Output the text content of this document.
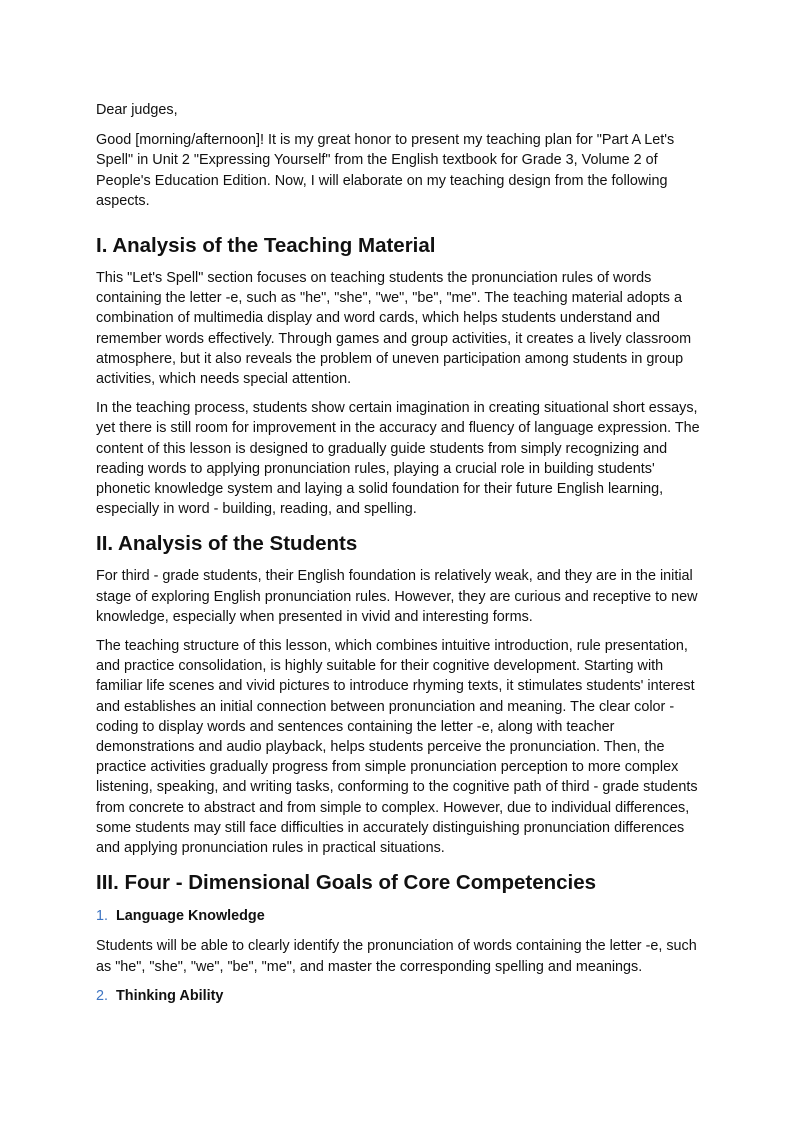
Dear judges,

Good [morning/afternoon]! It is my great honor to present my teaching plan for "Part A Let's Spell" in Unit 2 "Expressing Yourself" from the English textbook for Grade 3, Volume 2 of People's Education Edition. Now, I will elaborate on my teaching design from the following aspects.

I. Analysis of the Teaching Material

This "Let's Spell" section focuses on teaching students the pronunciation rules of words containing the letter -e, such as "he", "she", "we", "be", "me". The teaching material adopts a combination of multimedia display and word cards, which helps students understand and remember words effectively. Through games and group activities, it creates a lively classroom atmosphere, but it also reveals the problem of uneven participation among students in group activities, which needs special attention.

In the teaching process, students show certain imagination in creating situational short essays, yet there is still room for improvement in the accuracy and fluency of language expression. The content of this lesson is designed to gradually guide students from simply recognizing and reading words to applying pronunciation rules, playing a crucial role in building students' phonetic knowledge system and laying a solid foundation for their future English learning, especially in word - building, reading, and spelling.

II. Analysis of the Students

For third - grade students, their English foundation is relatively weak, and they are in the initial stage of exploring English pronunciation rules. However, they are curious and receptive to new knowledge, especially when presented in vivid and interesting forms.

The teaching structure of this lesson, which combines intuitive introduction, rule presentation, and practice consolidation, is highly suitable for their cognitive development. Starting with familiar life scenes and vivid pictures to introduce rhyming texts, it stimulates students' interest and establishes an initial connection between pronunciation and meaning. The clear color - coding to display words and sentences containing the letter -e, along with teacher demonstrations and audio playback, helps students perceive the pronunciation. Then, the practice activities gradually progress from simple pronunciation perception to more complex listening, speaking, and writing tasks, conforming to the cognitive path of third - grade students from concrete to abstract and from simple to complex. However, due to individual differences, some students may still face difficulties in accurately distinguishing pronunciation differences and applying pronunciation rules in practical situations.

III. Four - Dimensional Goals of Core Competencies
1. Language Knowledge

Students will be able to clearly identify the pronunciation of words containing the letter -e, such as "he", "she", "we", "be", "me", and master the corresponding spelling and meanings.

2. Thinking Ability
